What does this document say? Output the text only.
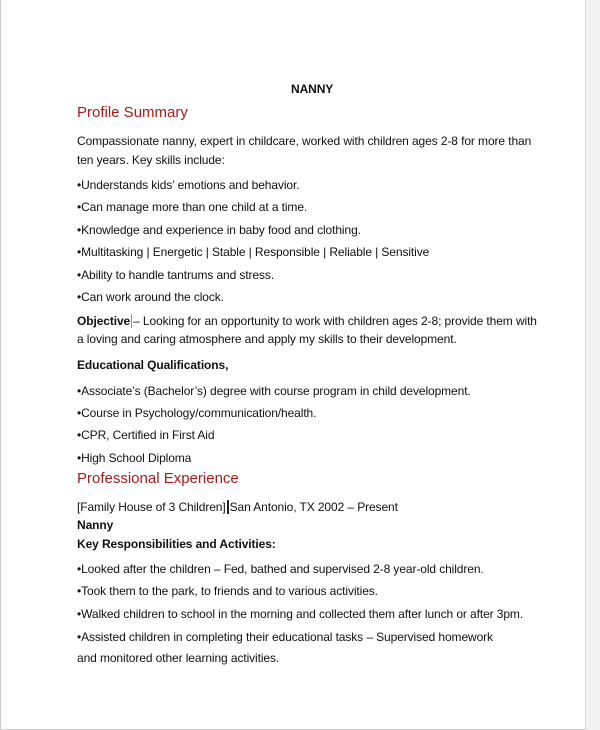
NANNY
Profile Summary
Compassionate nanny, expert in childcare, worked with children ages 2-8 for more than ten years. Key skills include:
•Understands kids’ emotions and behavior.
•Can manage more than one child at a time.
•Knowledge and experience in baby food and clothing.
•Multitasking | Energetic | Stable | Responsible | Reliable | Sensitive
•Ability to handle tantrums and stress.
•Can work around the clock.
Objective – Looking for an opportunity to work with children ages 2-8; provide them with a loving and caring atmosphere and apply my skills to their development.
Educational Qualifications,
•Associate’s (Bachelor’s) degree with course program in child development.
•Course in Psychology/communication/health.
•CPR, Certified in First Aid
•High School Diploma
Professional Experience
[Family House of 3 Children] San Antonio, TX 2002 – Present
Nanny
Key Responsibilities and Activities:
•Looked after the children – Fed, bathed and supervised 2-8 year-old children.
•Took them to the park, to friends and to various activities.
•Walked children to school in the morning and collected them after lunch or after 3pm.
•Assisted children in completing their educational tasks – Supervised homework and monitored other learning activities.
